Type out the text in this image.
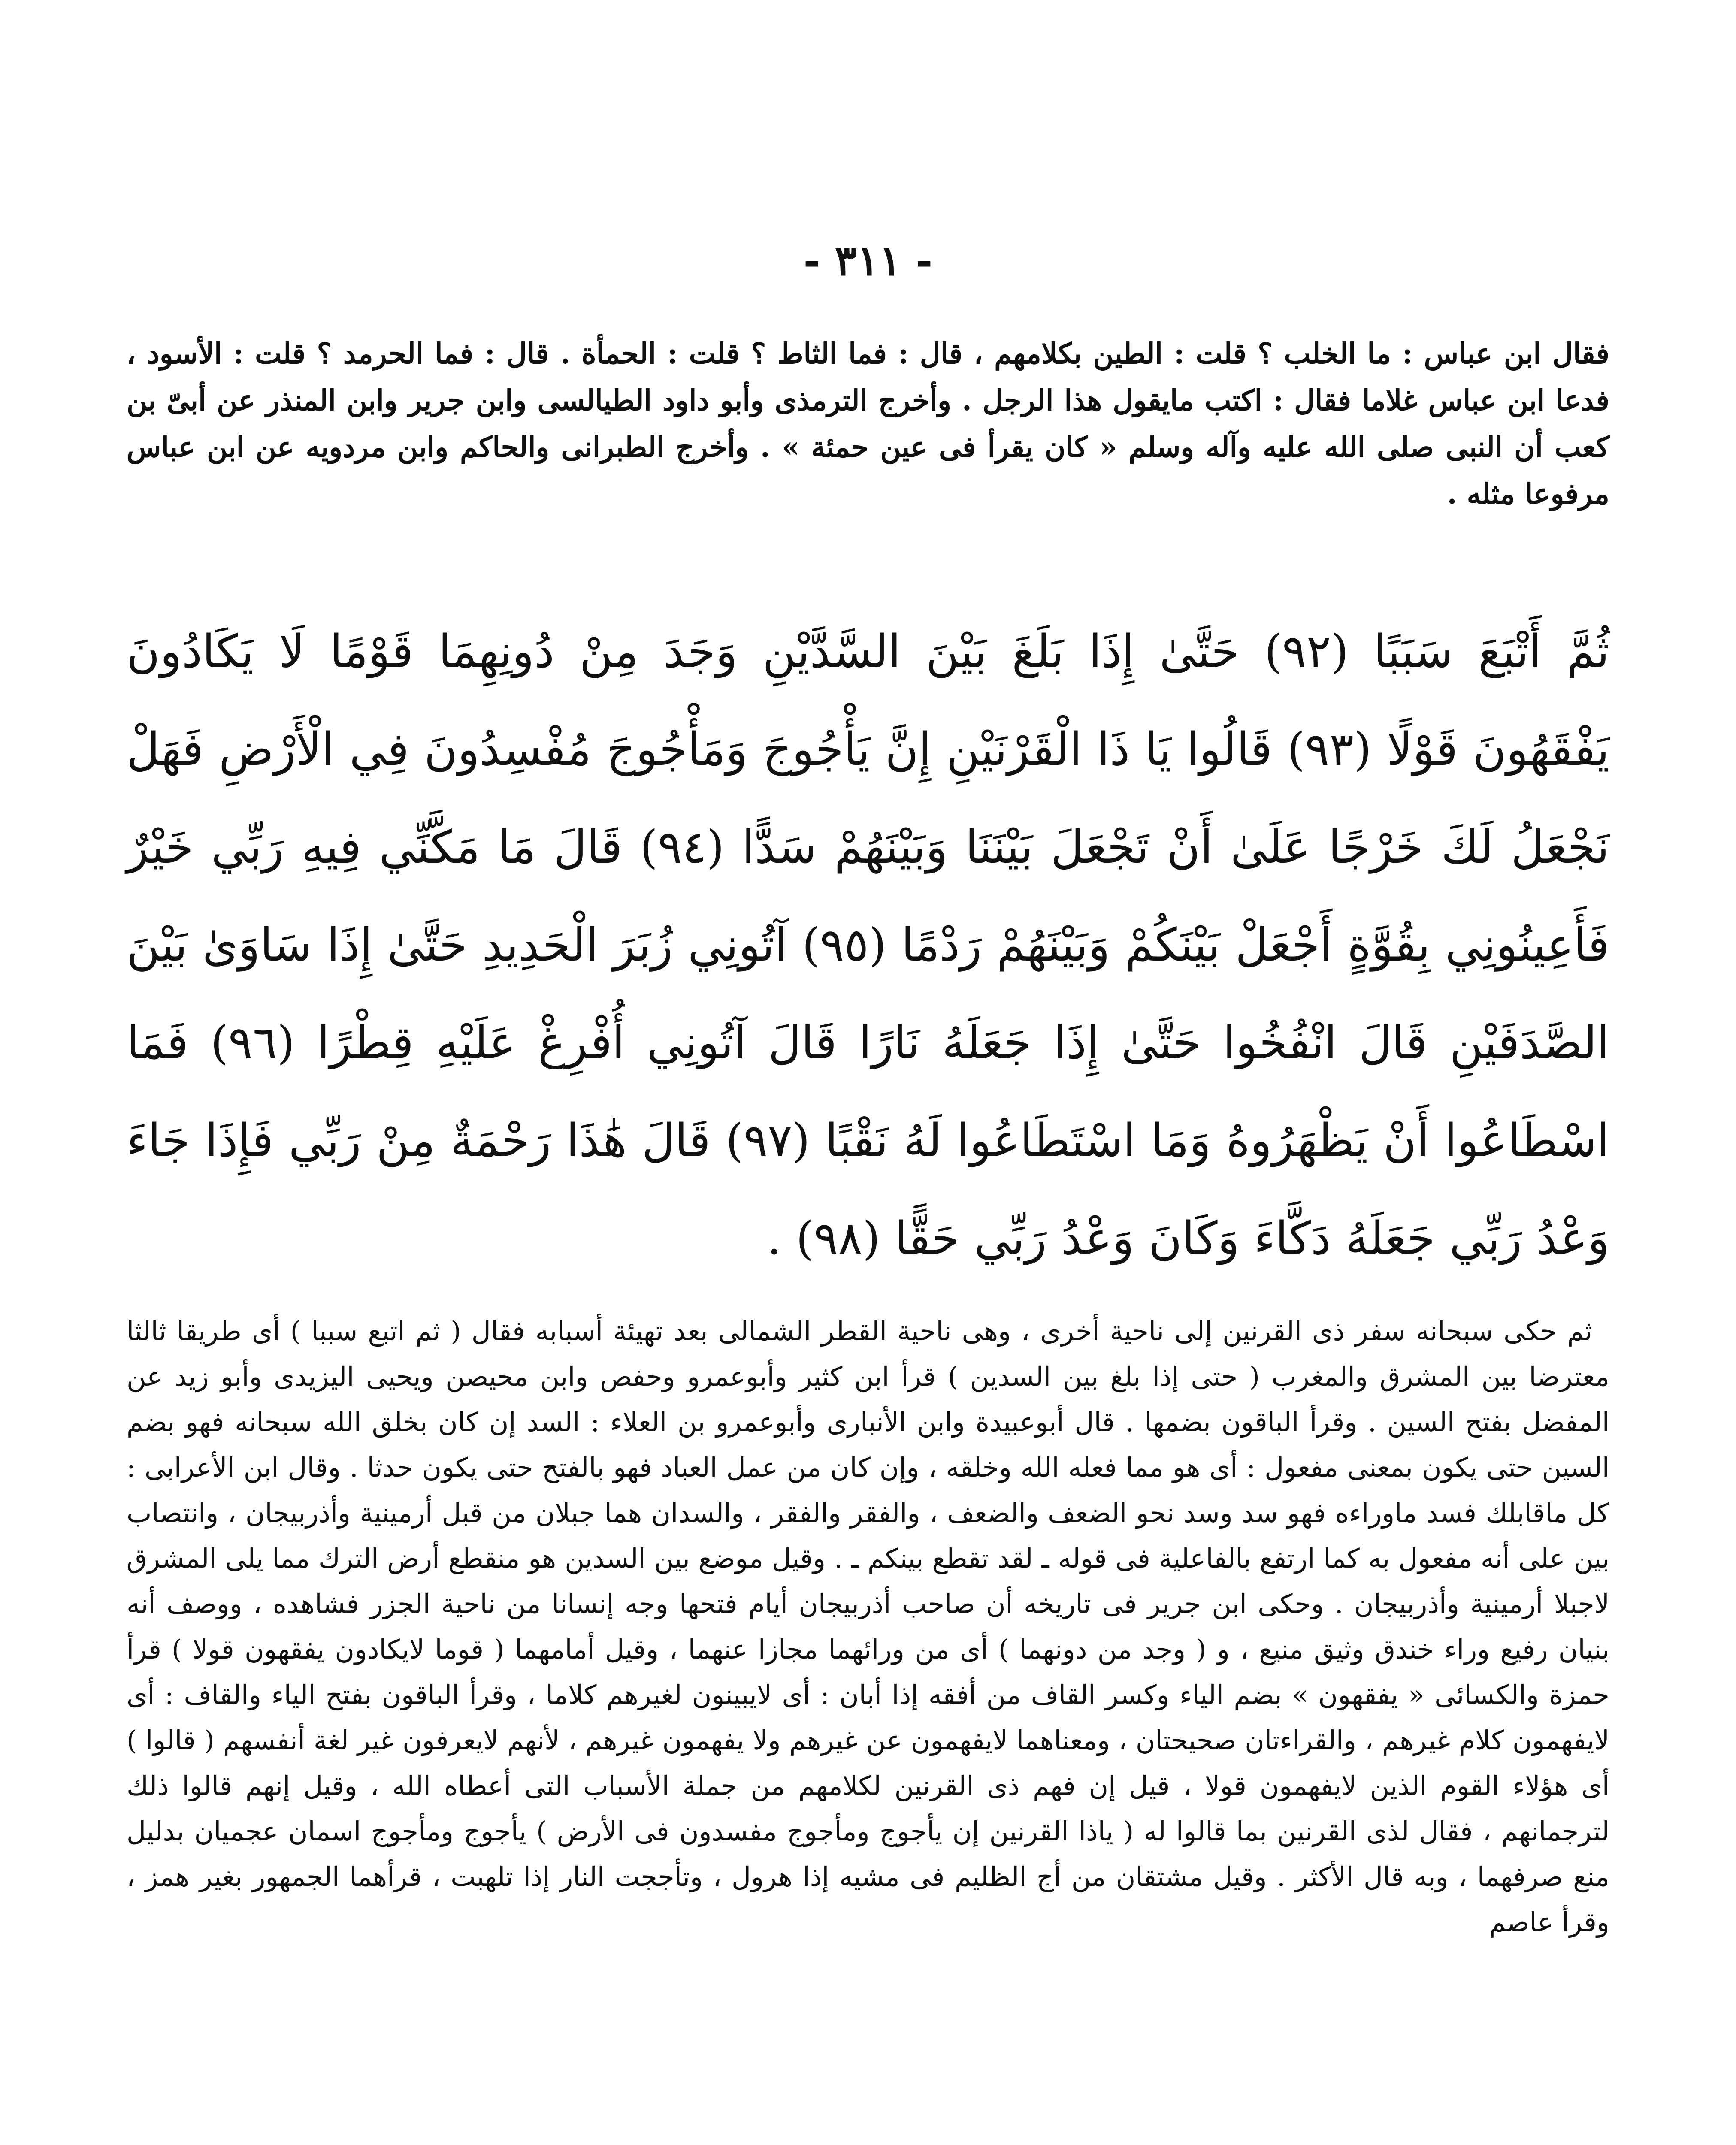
- ٣١١ -

فقال ابن عباس : ما الخلب ؟ قلت : الطين بكلامهم ، قال : فما الثاط ؟ قلت : الحمأة . قال : فما الحرمد ؟ قلت : الأسود ، فدعا ابن عباس غلاما فقال : اكتب مايقول هذا الرجل . وأخرج الترمذى وأبو داود الطيالسى وابن جرير وابن المنذر عن أبىّ بن كعب أن النبى صلى الله عليه وآله وسلم « كان يقرأ فى عين حمئة » . وأخرج الطبرانى والحاكم وابن مردويه عن ابن عباس مرفوعا مثله .

ثُمَّ أَتْبَعَ سَبَبًا (٩٢) حَتَّىٰ إِذَا بَلَغَ بَيْنَ السَّدَّيْنِ وَجَدَ مِنْ دُونِهِمَا قَوْمًا لَا يَكَادُونَ يَفْقَهُونَ قَوْلًا (٩٣) قَالُوا يَا ذَا الْقَرْنَيْنِ إِنَّ يَأْجُوجَ وَمَأْجُوجَ مُفْسِدُونَ فِي الْأَرْضِ فَهَلْ نَجْعَلُ لَكَ خَرْجًا عَلَىٰ أَنْ تَجْعَلَ بَيْنَنَا وَبَيْنَهُمْ سَدًّا (٩٤) قَالَ مَا مَكَّنِّي فِيهِ رَبِّي خَيْرٌ فَأَعِينُونِي بِقُوَّةٍ أَجْعَلْ بَيْنَكُمْ وَبَيْنَهُمْ رَدْمًا (٩٥) آتُونِي زُبَرَ الْحَدِيدِ حَتَّىٰ إِذَا سَاوَىٰ بَيْنَ الصَّدَفَيْنِ قَالَ انْفُخُوا حَتَّىٰ إِذَا جَعَلَهُ نَارًا قَالَ آتُونِي أُفْرِغْ عَلَيْهِ قِطْرًا (٩٦) فَمَا اسْطَاعُوا أَنْ يَظْهَرُوهُ وَمَا اسْتَطَاعُوا لَهُ نَقْبًا (٩٧) قَالَ هَٰذَا رَحْمَةٌ مِنْ رَبِّي فَإِذَا جَاءَ وَعْدُ رَبِّي جَعَلَهُ دَكَّاءَ وَكَانَ وَعْدُ رَبِّي حَقًّا (٩٨) .

ثم حكى سبحانه سفر ذى القرنين إلى ناحية أخرى ، وهى ناحية القطر الشمالى بعد تهيئة أسبابه فقال ( ثم اتبع سببا ) أى طريقا ثالثا معترضا بين المشرق والمغرب ( حتى إذا بلغ بين السدين ) قرأ ابن كثير وأبوعمرو وحفص وابن محيصن ويحيى اليزيدى وأبو زيد عن المفضل بفتح السين . وقرأ الباقون بضمها . قال أبوعبيدة وابن الأنبارى وأبوعمرو بن العلاء : السد إن كان بخلق الله سبحانه فهو بضم السين حتى يكون بمعنى مفعول : أى هو مما فعله الله وخلقه ، وإن كان من عمل العباد فهو بالفتح حتى يكون حدثا . وقال ابن الأعرابى : كل ماقابلك فسد ماوراءه فهو سد وسد نحو الضعف والضعف ، والفقر والفقر ، والسدان هما جبلان من قبل أرمينية وأذربيجان ، وانتصاب بين على أنه مفعول به كما ارتفع بالفاعلية فى قوله ـ لقد تقطع بينكم ـ . وقيل موضع بين السدين هو منقطع أرض الترك مما يلى المشرق لاجبلا أرمينية وأذربيجان . وحكى ابن جرير فى تاريخه أن صاحب أذربيجان أيام فتحها وجه إنسانا من ناحية الجزر فشاهده ، ووصف أنه بنيان رفيع وراء خندق وثيق منيع ، و ( وجد من دونهما ) أى من ورائهما مجازا عنهما ، وقيل أمامهما ( قوما لايكادون يفقهون قولا ) قرأ حمزة والكسائى « يفقهون » بضم الياء وكسر القاف من أفقه إذا أبان : أى لايبينون لغيرهم كلاما ، وقرأ الباقون بفتح الياء والقاف : أى لايفهمون كلام غيرهم ، والقراءتان صحيحتان ، ومعناهما لايفهمون عن غيرهم ولا يفهمون غيرهم ، لأنهم لايعرفون غير لغة أنفسهم ( قالوا ) أى هؤلاء القوم الذين لايفهمون قولا ، قيل إن فهم ذى القرنين لكلامهم من جملة الأسباب التى أعطاه الله ، وقيل إنهم قالوا ذلك لترجمانهم ، فقال لذى القرنين بما قالوا له ( ياذا القرنين إن يأجوج ومأجوج مفسدون فى الأرض ) يأجوج ومأجوج اسمان عجميان بدليل منع صرفهما ، وبه قال الأكثر . وقيل مشتقان من أج الظليم فى مشيه إذا هرول ، وتأججت النار إذا تلهبت ، قرأهما الجمهور بغير همز ، وقرأ عاصم
